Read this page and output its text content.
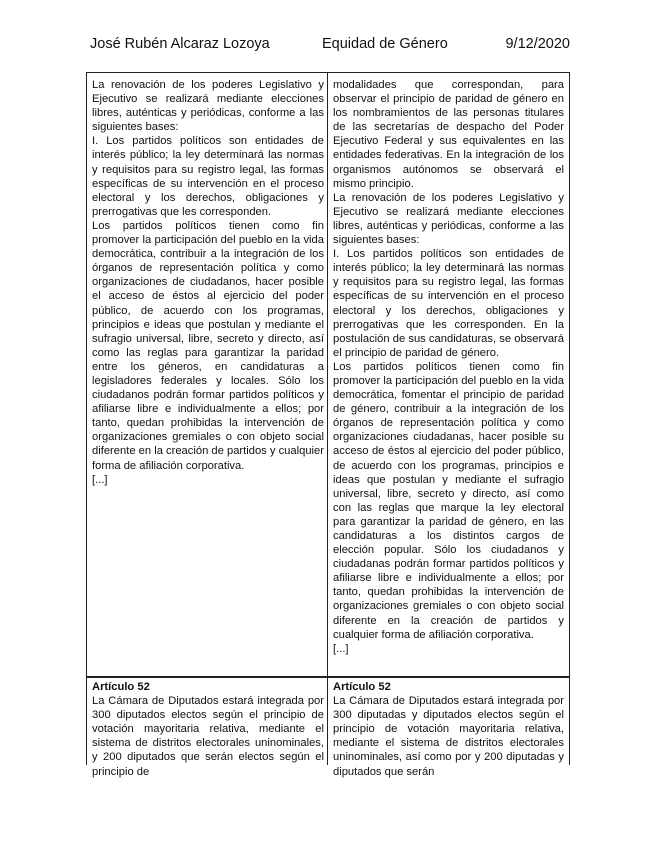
José Rubén Alcaraz Lozoya	Equidad de Género	9/12/2020

La renovación de los poderes Legislativo y Ejecutivo se realizará mediante elecciones libres, auténticas y periódicas, conforme a las siguientes bases:

I. Los partidos políticos son entidades de interés público; la ley determinará las normas y requisitos para su registro legal, las formas específicas de su intervención en el proceso electoral y los derechos, obligaciones y prerrogativas que les corresponden.

Los partidos políticos tienen como fin promover la participación del pueblo en la vida democrática, contribuir a la integración de los órganos de representación política y como organizaciones de ciudadanos, hacer posible el acceso de éstos al ejercicio del poder público, de acuerdo con los programas, principios e ideas que postulan y mediante el sufragio universal, libre, secreto y directo, así como las reglas para garantizar la paridad entre los géneros, en candidaturas a legisladores federales y locales. Sólo los ciudadanos podrán formar partidos políticos y afiliarse libre e individualmente a ellos; por tanto, quedan prohibidas la intervención de organizaciones gremiales o con objeto social diferente en la creación de partidos y cualquier forma de afiliación corporativa.

[...]

modalidades que correspondan, para observar el principio de paridad de género en los nombramientos de las personas titulares de las secretarías de despacho del Poder Ejecutivo Federal y sus equivalentes en las entidades federativas. En la integración de los organismos autónomos se observará el mismo principio.

La renovación de los poderes Legislativo y Ejecutivo se realizará mediante elecciones libres, auténticas y periódicas, conforme a las siguientes bases:

I. Los partidos políticos son entidades de interés público; la ley determinará las normas y requisitos para su registro legal, las formas específicas de su intervención en el proceso electoral y los derechos, obligaciones y prerrogativas que les corresponden. En la postulación de sus candidaturas, se observará el principio de paridad de género.

Los partidos políticos tienen como fin promover la participación del pueblo en la vida democrática, fomentar el principio de paridad de género, contribuir a la integración de los órganos de representación política y como organizaciones ciudadanas, hacer posible su acceso de éstos al ejercicio del poder público, de acuerdo con los programas, principios e ideas que postulan y mediante el sufragio universal, libre, secreto y directo, así como con las reglas que marque la ley electoral para garantizar la paridad de género, en las candidaturas a los distintos cargos de elección popular. Sólo los ciudadanos y ciudadanas podrán formar partidos políticos y afiliarse libre e individualmente a ellos; por tanto, quedan prohibidas la intervención de organizaciones gremiales o con objeto social diferente en la creación de partidos y cualquier forma de afiliación corporativa.

[...]

Artículo 52

La Cámara de Diputados estará integrada por 300 diputados electos según el principio de votación mayoritaria relativa, mediante el sistema de distritos electorales uninominales, y 200 diputados que serán electos según el principio de

Artículo 52

La Cámara de Diputados estará integrada por 300 diputadas y diputados electos según el principio de votación mayoritaria relativa, mediante el sistema de distritos electorales uninominales, así como por y 200 diputadas y diputados que serán
